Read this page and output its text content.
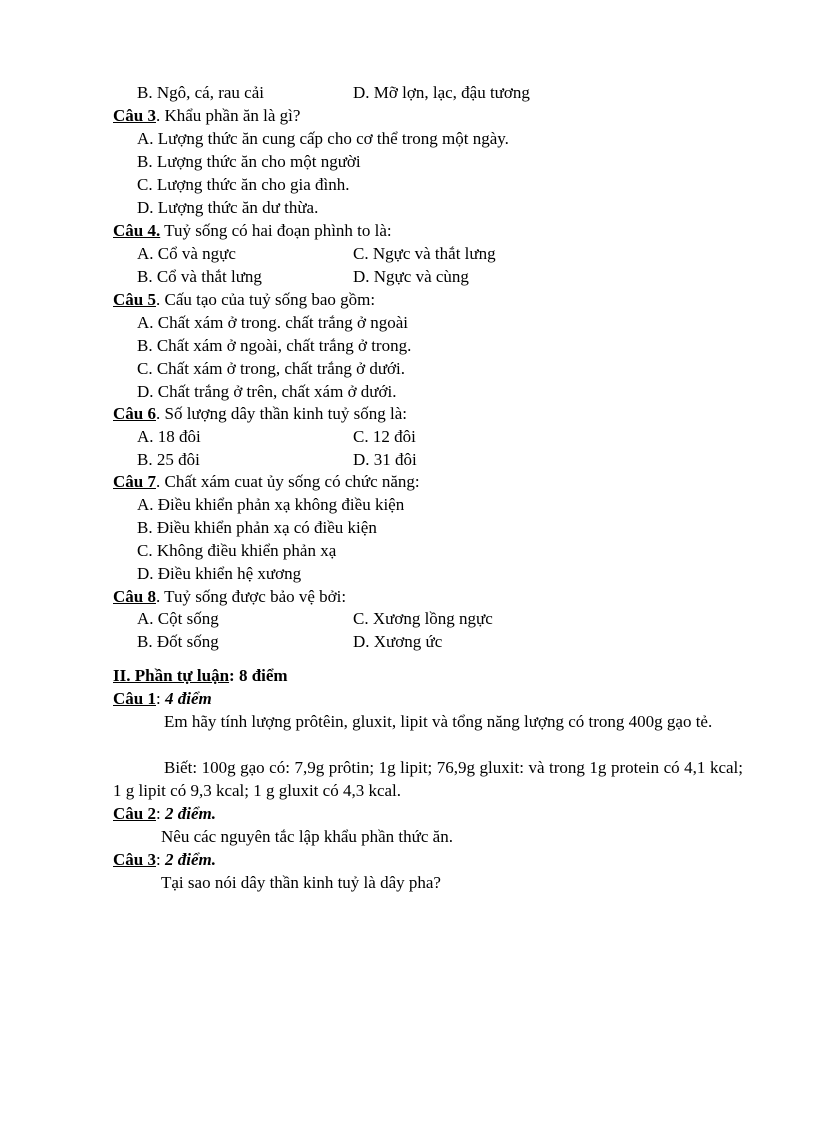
B. Ngô, cá, rau cải	D. Mỡ lợn, lạc, đậu tương
Câu 3. Khẩu phần ăn là gì?
A. Lượng thức ăn cung cấp cho cơ thể trong một ngày.
B. Lượng thức ăn cho một người
C. Lượng thức ăn cho gia đình.
D. Lượng thức ăn dư thừa.
Câu 4. Tuỷ sống có hai đoạn phình to là:
A. Cổ và ngực	C. Ngực và thắt lưng
B. Cổ và thắt lưng	D. Ngực và cùng
Câu 5. Cấu tạo của tuỷ sống bao gồm:
A. Chất xám ở trong. chất trắng ở ngoài
B. Chất xám ở ngoài, chất trắng ở trong.
C. Chất xám ở trong, chất trắng ở dưới.
D. Chất trắng ở trên, chất xám ở dưới.
Câu 6. Số lượng dây thần kinh tuỷ sống là:
A. 18 đôi	C. 12 đôi
B. 25 đôi	D. 31 đôi
Câu 7. Chất xám cuat ủy sống có chức năng:
A. Điều khiển phản xạ không điều kiện
B. Điều khiển phản xạ có điều kiện
C. Không điều khiển phản xạ
D. Điều khiển hệ xương
Câu 8. Tuỷ sống được bảo vệ bởi:
A. Cột sống	C. Xương lồng ngực
B. Đốt sống	D. Xương ức
II. Phần tự luận: 8 điểm
Câu 1: 4 điểm
Em hãy tính lượng prôtêin, gluxit, lipit và tổng năng lượng có trong 400g gạo tẻ.
Biết: 100g gạo có: 7,9g prôtin; 1g lipit; 76,9g gluxit: và trong 1g protein có 4,1 kcal; 1 g lipit có 9,3 kcal; 1 g gluxit có 4,3 kcal.
Câu 2: 2 điểm.
Nêu các nguyên tắc lập khẩu phần thức ăn.
Câu 3: 2 điểm.
Tại sao nói dây thần kinh tuỷ là dây pha?
